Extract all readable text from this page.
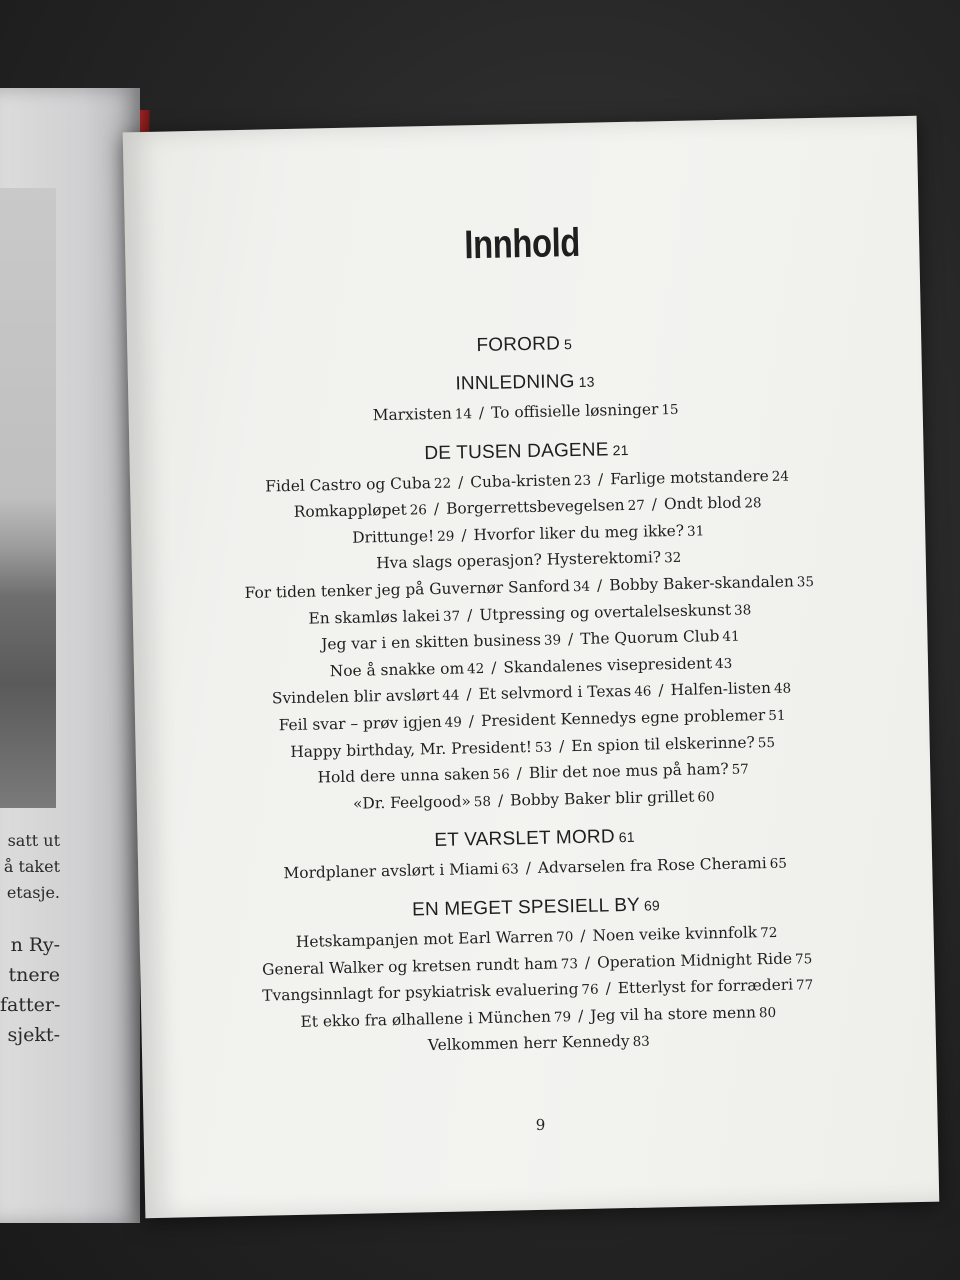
satt ut
å taket
etasje.
n Ry-
tnere
fatter-
sjekt-
Innhold
FORORD 5
INNLEDNING 13
Marxisten 14 / To offisielle løsninger 15
DE TUSEN DAGENE 21
Fidel Castro og Cuba 22 / Cuba-kristen 23 / Farlige motstandere 24
Romkappløpet 26 / Borgerrettsbevegelsen 27 / Ondt blod 28
Drittunge! 29 / Hvorfor liker du meg ikke? 31
Hva slags operasjon? Hysterektomi? 32
For tiden tenker jeg på Guvernør Sanford 34 / Bobby Baker-skandalen 35
En skamløs lakei 37 / Utpressing og overtalelseskunst 38
Jeg var i en skitten business 39 / The Quorum Club 41
Noe å snakke om 42 / Skandalenes visepresident 43
Svindelen blir avslørt 44 / Et selvmord i Texas 46 / Halfen-listen 48
Feil svar – prøv igjen 49 / President Kennedys egne problemer 51
Happy birthday, Mr. President! 53 / En spion til elskerinne? 55
Hold dere unna saken 56 / Blir det noe mus på ham? 57
«Dr. Feelgood» 58 / Bobby Baker blir grillet 60
ET VARSLET MORD 61
Mordplaner avslørt i Miami 63 / Advarselen fra Rose Cherami 65
EN MEGET SPESIELL BY 69
Hetskampanjen mot Earl Warren 70 / Noen veike kvinnfolk 72
General Walker og kretsen rundt ham 73 / Operation Midnight Ride 75
Tvangsinnlagt for psykiatrisk evaluering 76 / Etterlyst for forræderi 77
Et ekko fra ølhallene i München 79 / Jeg vil ha store menn 80
Velkommen herr Kennedy 83
9
